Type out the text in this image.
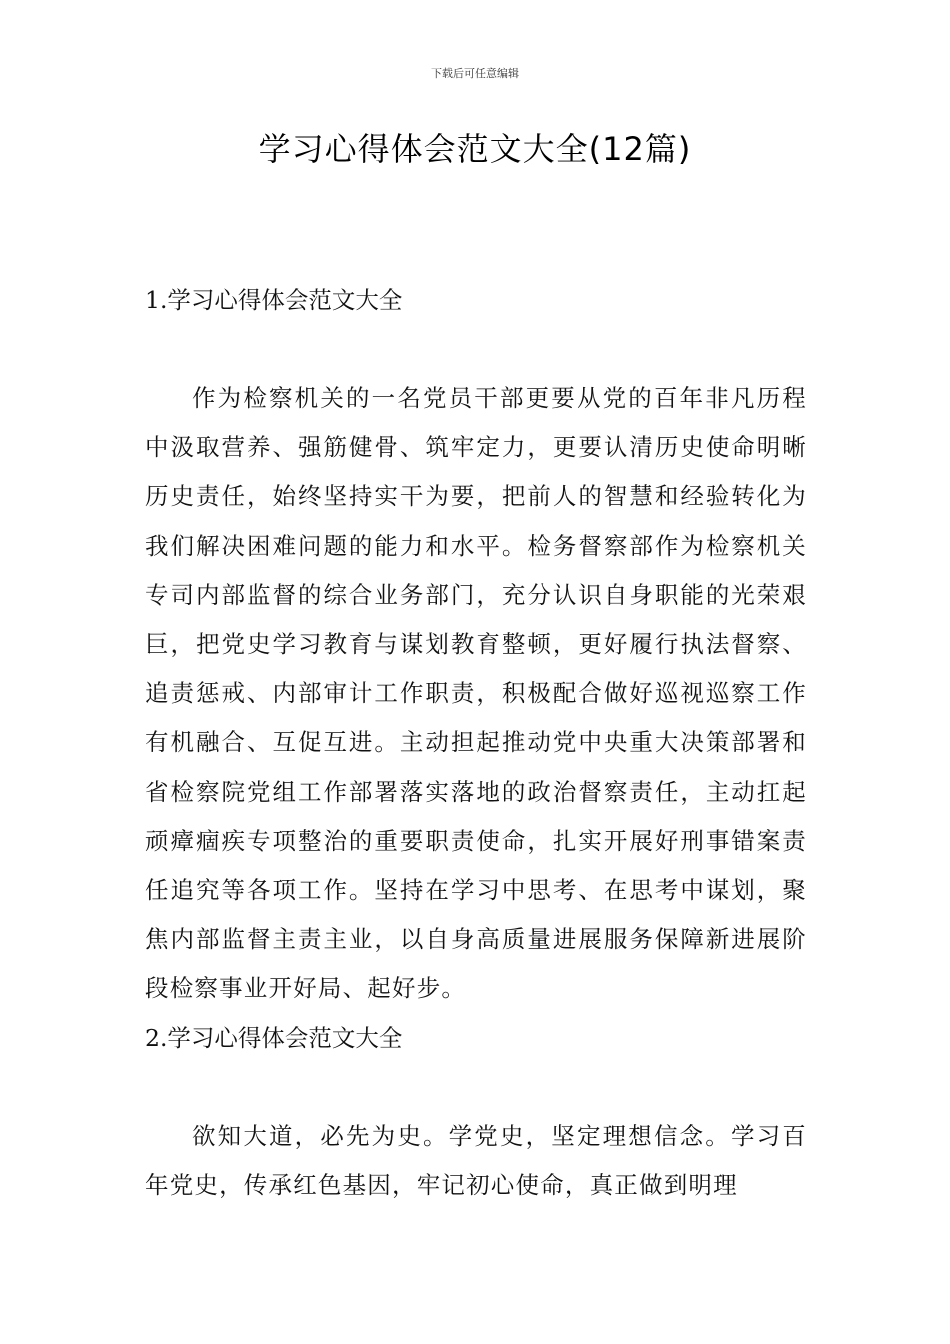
下载后可任意编辑
学习心得体会范文大全(12篇)

1.学习心得体会范文大全

作为检察机关的一名党员干部更要从党的百年非凡历程中汲取营养、强筋健骨、筑牢定力，更要认清历史使命明晰历史责任，始终坚持实干为要，把前人的智慧和经验转化为我们解决困难问题的能力和水平。检务督察部作为检察机关专司内部监督的综合业务部门，充分认识自身职能的光荣艰巨，把党史学习教育与谋划教育整顿，更好履行执法督察、追责惩戒、内部审计工作职责，积极配合做好巡视巡察工作有机融合、互促互进。主动担起推动党中央重大决策部署和省检察院党组工作部署落实落地的政治督察责任，主动扛起顽瘴痼疾专项整治的重要职责使命，扎实开展好刑事错案责任追究等各项工作。坚持在学习中思考、在思考中谋划，聚焦内部监督主责主业，以自身高质量进展服务保障新进展阶段检察事业开好局、起好步。

2.学习心得体会范文大全

欲知大道，必先为史。学党史，坚定理想信念。学习百年党史，传承红色基因，牢记初心使命，真正做到明理
